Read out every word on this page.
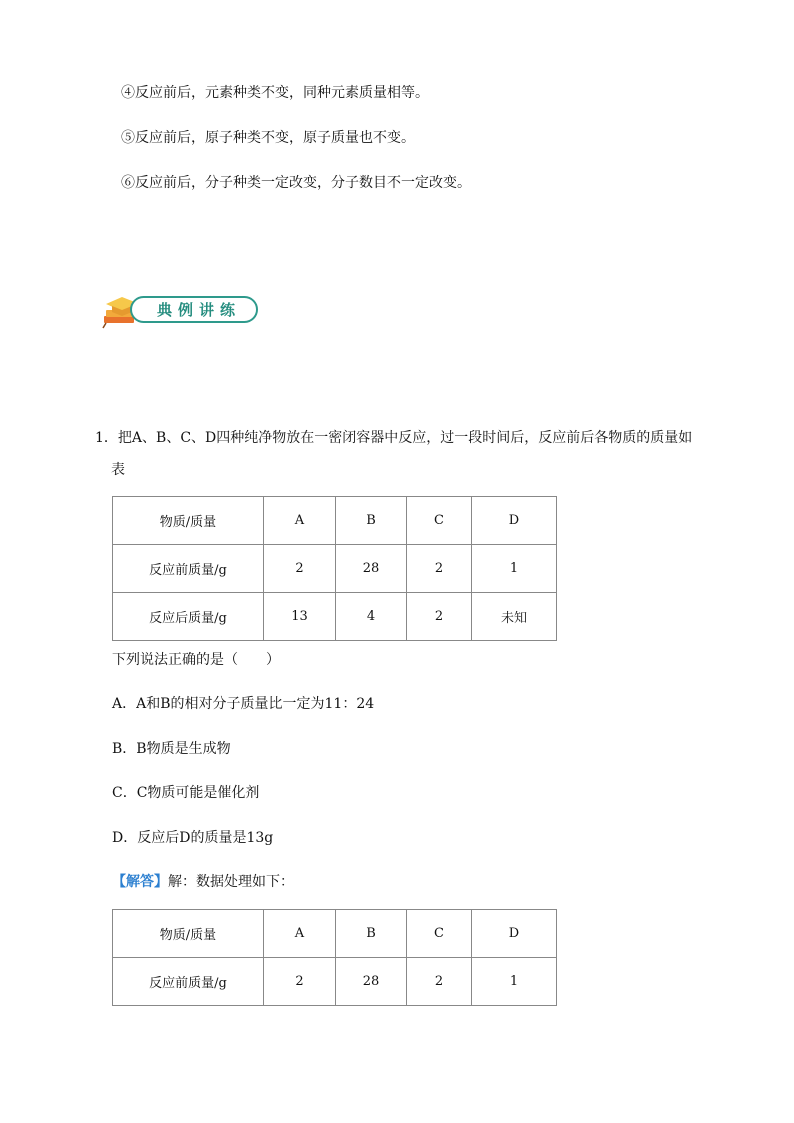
④反应前后，元素种类不变，同种元素质量相等。
⑤反应前后，原子种类不变，原子质量也不变。
⑥反应前后，分子种类一定改变，分子数目不一定改变。
典例讲练
1．把A、B、C、D四种纯净物放在一密闭容器中反应，过一段时间后，反应前后各物质的质量如
表
物质/质量	A	B	C	D
反应前质量/g	2	28	2	1
反应后质量/g	13	4	2	未知
下列说法正确的是（　　）
A．A和B的相对分子质量比一定为11：24
B．B物质是生成物
C．C物质可能是催化剂
D．反应后D的质量是13g
【解答】解：数据处理如下：
物质/质量	A	B	C	D
反应前质量/g	2	28	2	1
